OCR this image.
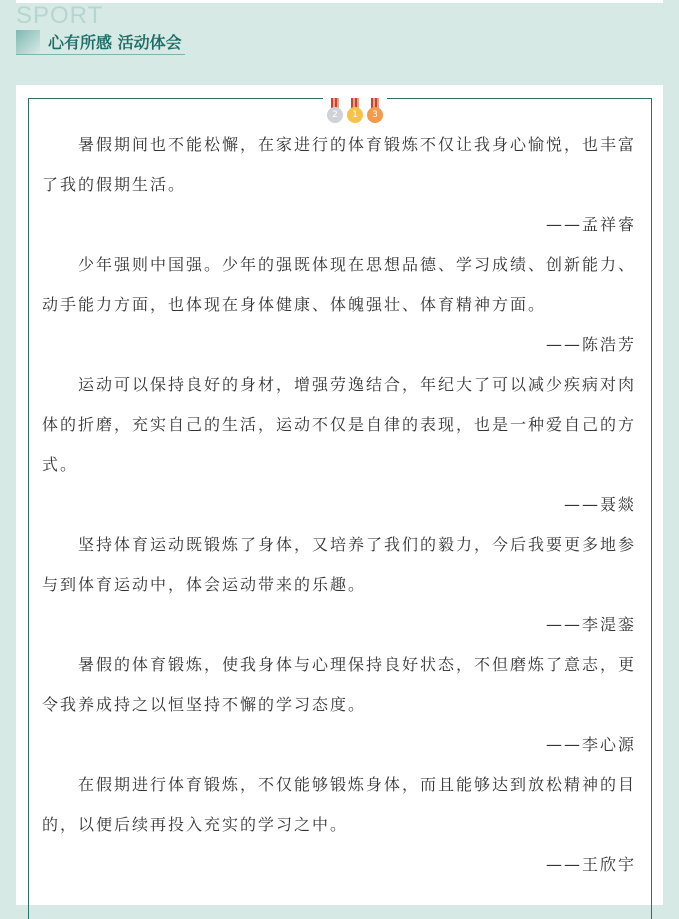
SPORT
心有所感 活动体会
2	1	3

暑假期间也不能松懈，在家进行的体育锻炼不仅让我身心愉悦，也丰富了我的假期生活。

——孟祥睿

少年强则中国强。少年的强既体现在思想品德、学习成绩、创新能力、动手能力方面，也体现在身体健康、体魄强壮、体育精神方面。

——陈浩芳

运动可以保持良好的身材，增强劳逸结合，年纪大了可以减少疾病对肉体的折磨，充实自己的生活，运动不仅是自律的表现，也是一种爱自己的方式。

——聂燚

坚持体育运动既锻炼了身体，又培养了我们的毅力，今后我要更多地参与到体育运动中，体会运动带来的乐趣。

——李湜銮

暑假的体育锻炼，使我身体与心理保持良好状态，不但磨炼了意志，更令我养成持之以恒坚持不懈的学习态度。

——李心源

在假期进行体育锻炼，不仅能够锻炼身体，而且能够达到放松精神的目的，以便后续再投入充实的学习之中。

——王欣宇
